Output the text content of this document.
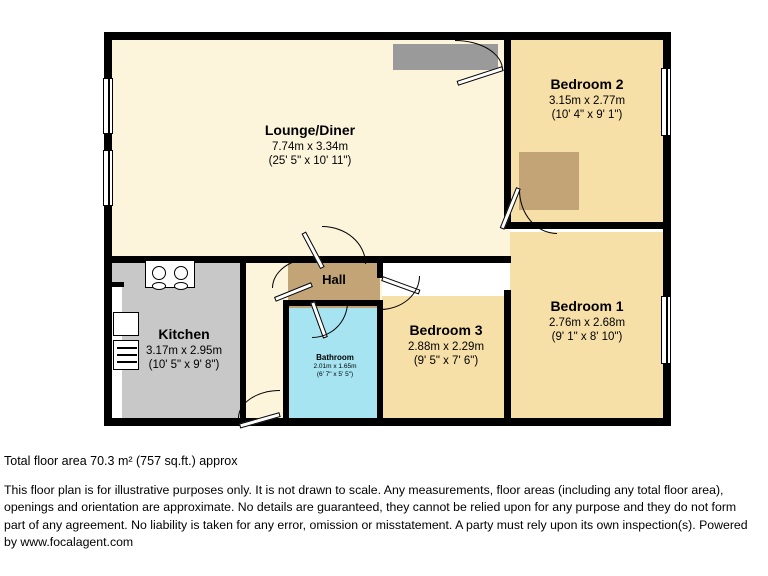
Lounge/Diner
7.74m x 3.34m
(25' 5" x 10' 11")
Bedroom 2
3.15m x 2.77m
(10' 4" x 9' 1")
Bedroom 1
2.76m x 2.68m
(9' 1" x 8' 10")
Bedroom 3
2.88m x 2.29m
(9' 5" x 7' 6")
Kitchen
3.17m x 2.95m
(10' 5" x 9' 8")
Bathroom
2.01m x 1.65m
(6' 7" x 5' 5")
Hall

Total floor area 70.3 m² (757 sq.ft.) approx

This floor plan is for illustrative purposes only. It is not drawn to scale. Any measurements, floor areas (including any total floor area), openings and orientation are approximate. No details are guaranteed, they cannot be relied upon for any purpose and they do not form part of any agreement. No liability is taken for any error, omission or misstatement. A party must rely upon its own inspection(s). Powered by www.focalagent.com
